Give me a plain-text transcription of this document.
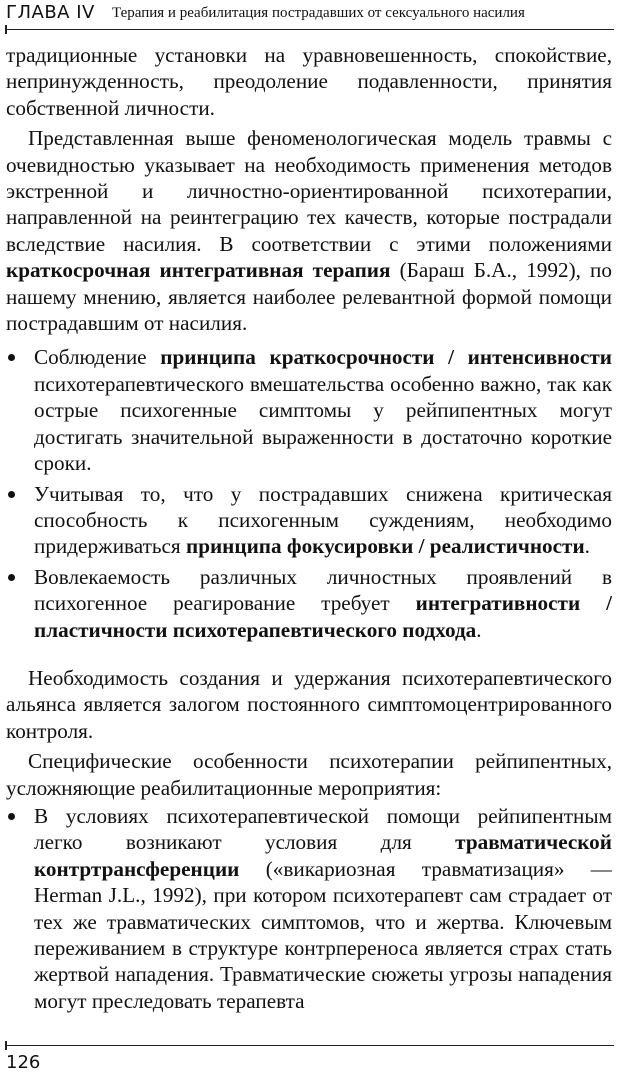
ГЛАВА IV Терапия и реабилитация пострадавших от сексуального насилия

традиционные установки на уравновешенность, спокойствие, непринужденность, преодоление подавленности, принятия собственной личности.

Представленная выше феноменологическая модель травмы с очевидностью указывает на необходимость применения методов экстренной и личностно-ориентированной психотерапии, направленной на реинтеграцию тех качеств, которые пострадали вследствие насилия. В соответствии с этими положениями краткосрочная интегративная терапия (Бараш Б.А., 1992), по нашему мнению, является наиболее релевантной формой помощи пострадавшим от насилия.

Соблюдение принципа краткосрочности / интенсивности психотерапевтического вмешательства особенно важно, так как острые психогенные симптомы у рейпипентных могут достигать значительной выраженности в достаточно короткие сроки.
Учитывая то, что у пострадавших снижена критическая способность к психогенным суждениям, необходимо придерживаться принципа фокусировки / реалистичности.
Вовлекаемость различных личностных проявлений в психогенное реагирование требует интегративности / пластичности психотерапевтического подхода.

Необходимость создания и удержания психотерапевтического альянса является залогом постоянного симптомоцентрированного контроля.

Специфические особенности психотерапии рейпипентных, усложняющие реабилитационные мероприятия:

В условиях психотерапевтической помощи рейпипентным легко возникают условия для травматической контртрансференции («викариозная травматизация» — Herman J.L., 1992), при котором психотерапевт сам страдает от тех же травматических симптомов, что и жертва. Ключевым переживанием в структуре контрпереноса является страх стать жертвой нападения. Травматические сюжеты угрозы нападения могут преследовать терапевта
126
